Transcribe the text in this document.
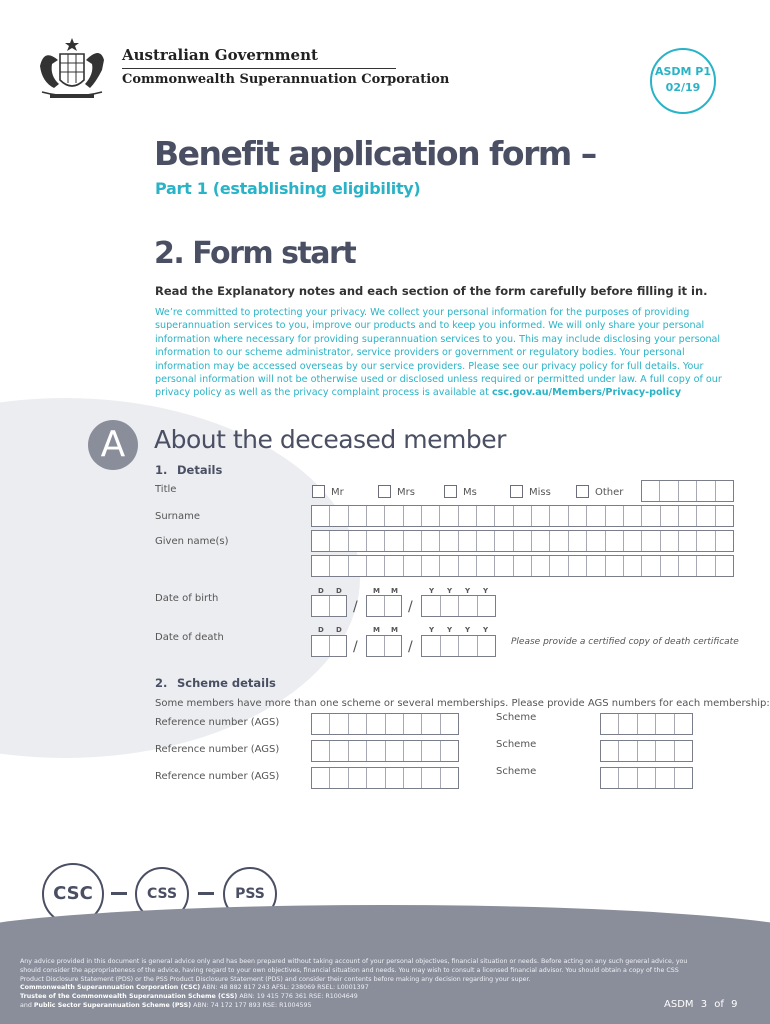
Australian Government
Commonwealth Superannuation Corporation
ASDM P1
02/19
Benefit application form –
Part 1 (establishing eligibility)
2. Form start
Read the Explanatory notes and each section of the form carefully before filling it in.
We’re committed to protecting your privacy. We collect your personal information for the purposes of providing superannuation services to you, improve our products and to keep you informed. We will only share your personal information where necessary for providing superannuation services to you. This may include disclosing your personal information to our scheme administrator, service providers or government or regulatory bodies. Your personal information may be accessed overseas by our service providers. Please see our privacy policy for full details. Your personal information will not be otherwise used or disclosed unless required or permitted under law. A full copy of our privacy policy as well as the privacy complaint process is available at csc.gov.au/Members/Privacy-policy
A	About the deceased member
1. Details
Title	Mr	Mrs	Ms	Miss	Other
Surname
Given name(s)
D D	M M	Y Y Y Y
Date of birth
/	/
D D	M M	Y Y Y Y
Date of death
/	/	Please provide a certified copy of death certificate
2. Scheme details
Some members have more than one scheme or several memberships. Please provide AGS numbers for each membership:
Reference number (AGS)	Scheme
Reference number (AGS)	Scheme
Reference number (AGS)	Scheme
CSC	CSS	PSS
Any advice provided in this document is general advice only and has been prepared without taking account of your personal objectives, financial situation or needs. Before acting on any such general advice, you should consider the appropriateness of the advice, having regard to your own objectives, financial situation and needs. You may wish to consult a licensed financial advisor. You should obtain a copy of the CSS Product Disclosure Statement (PDS) or the PSS Product Disclosure Statement (PDS) and consider their contents before making any decision regarding your super.
Commonwealth Superannuation Corporation (CSC) ABN: 48 882 817 243 AFSL: 238069 RSEL: L0001397
Trustee of the Commonwealth Superannuation Scheme (CSS) ABN: 19 415 776 361 RSE: R1004649
and Public Sector Superannuation Scheme (PSS) ABN: 74 172 177 893 RSE: R1004595	ASDM 3 of 9
